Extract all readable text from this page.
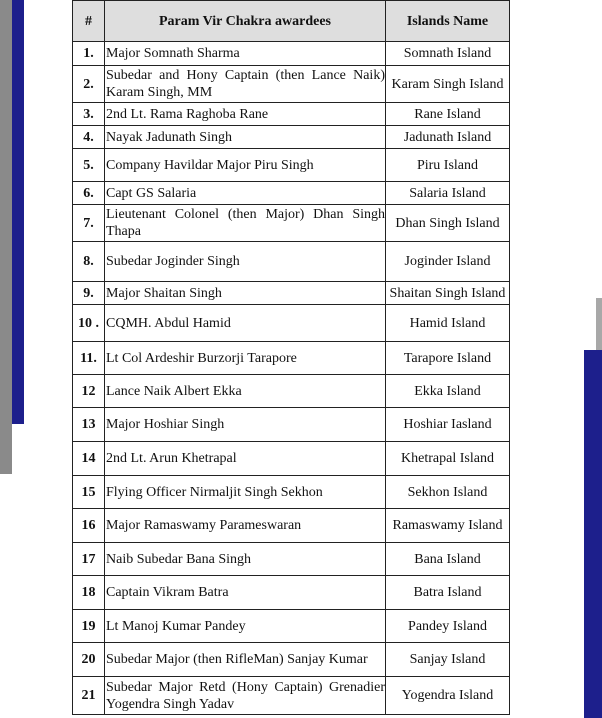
#	Param Vir Chakra awardees	Islands Name
1.	Major Somnath Sharma	Somnath Island
2.	Subedar and Hony Captain (then Lance Naik) Karam Singh, MM	Karam Singh Island
3.	2nd Lt. Rama Raghoba Rane	Rane Island
4.	Nayak Jadunath Singh	Jadunath Island
5.	Company Havildar Major Piru Singh	Piru Island
6.	Capt GS Salaria	Salaria Island
7.	Lieutenant Colonel (then Major) Dhan Singh Thapa	Dhan Singh Island
8.	Subedar Joginder Singh	Joginder Island
9.	Major Shaitan Singh	Shaitan Singh Island
10 .	CQMH. Abdul Hamid	Hamid Island
11.	Lt Col Ardeshir Burzorji Tarapore	Tarapore Island
12	Lance Naik Albert Ekka	Ekka Island
13	Major Hoshiar Singh	Hoshiar Iasland
14	2nd Lt. Arun Khetrapal	Khetrapal Island
15	Flying Officer Nirmaljit Singh Sekhon	Sekhon Island
16	Major Ramaswamy Parameswaran	Ramaswamy Island
17	Naib Subedar Bana Singh	Bana Island
18	Captain Vikram Batra	Batra Island
19	Lt Manoj Kumar Pandey	Pandey Island
20	Subedar Major (then RifleMan) Sanjay Kumar	Sanjay Island
21	Subedar Major Retd (Hony Captain) Grenadier Yogendra Singh Yadav	Yogendra Island
